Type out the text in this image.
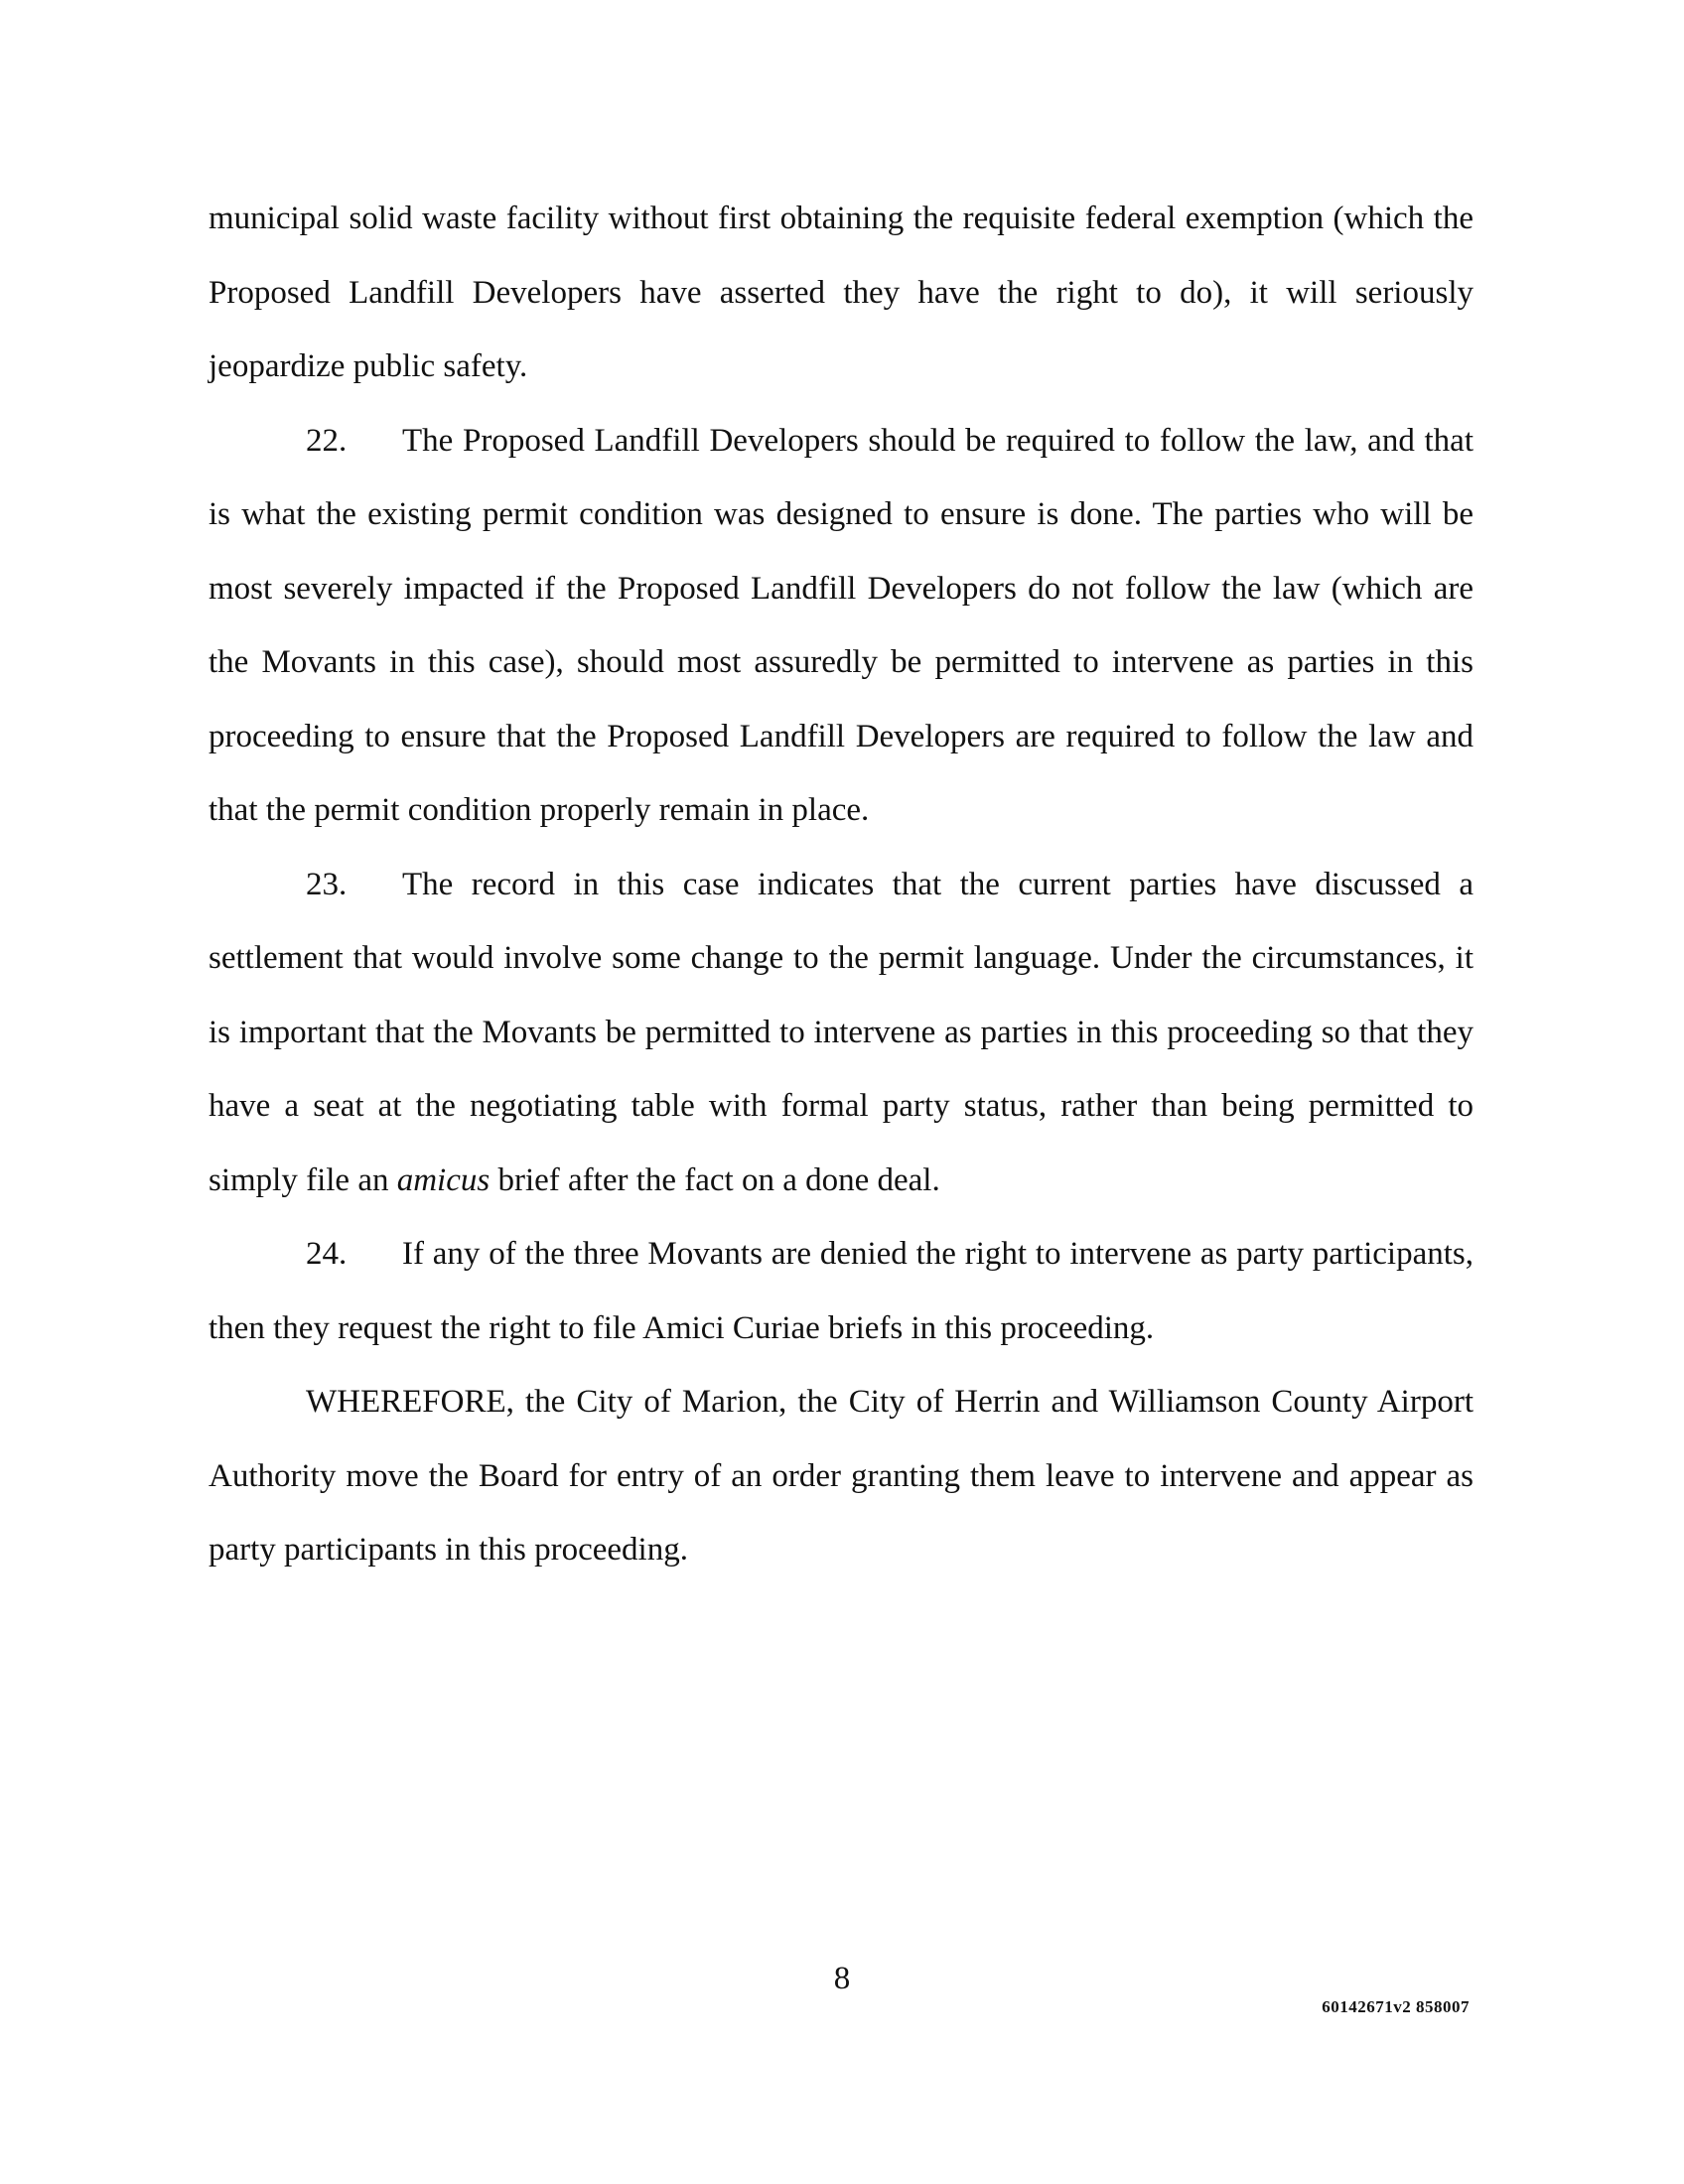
municipal solid waste facility without first obtaining the requisite federal exemption (which the Proposed Landfill Developers have asserted they have the right to do), it will seriously jeopardize public safety.

22. The Proposed Landfill Developers should be required to follow the law, and that is what the existing permit condition was designed to ensure is done. The parties who will be most severely impacted if the Proposed Landfill Developers do not follow the law (which are the Movants in this case), should most assuredly be permitted to intervene as parties in this proceeding to ensure that the Proposed Landfill Developers are required to follow the law and that the permit condition properly remain in place.

23. The record in this case indicates that the current parties have discussed a settlement that would involve some change to the permit language. Under the circumstances, it is important that the Movants be permitted to intervene as parties in this proceeding so that they have a seat at the negotiating table with formal party status, rather than being permitted to simply file an amicus brief after the fact on a done deal.

24. If any of the three Movants are denied the right to intervene as party participants, then they request the right to file Amici Curiae briefs in this proceeding.

WHEREFORE, the City of Marion, the City of Herrin and Williamson County Airport Authority move the Board for entry of an order granting them leave to intervene and appear as party participants in this proceeding.

8
60142671v2 858007
